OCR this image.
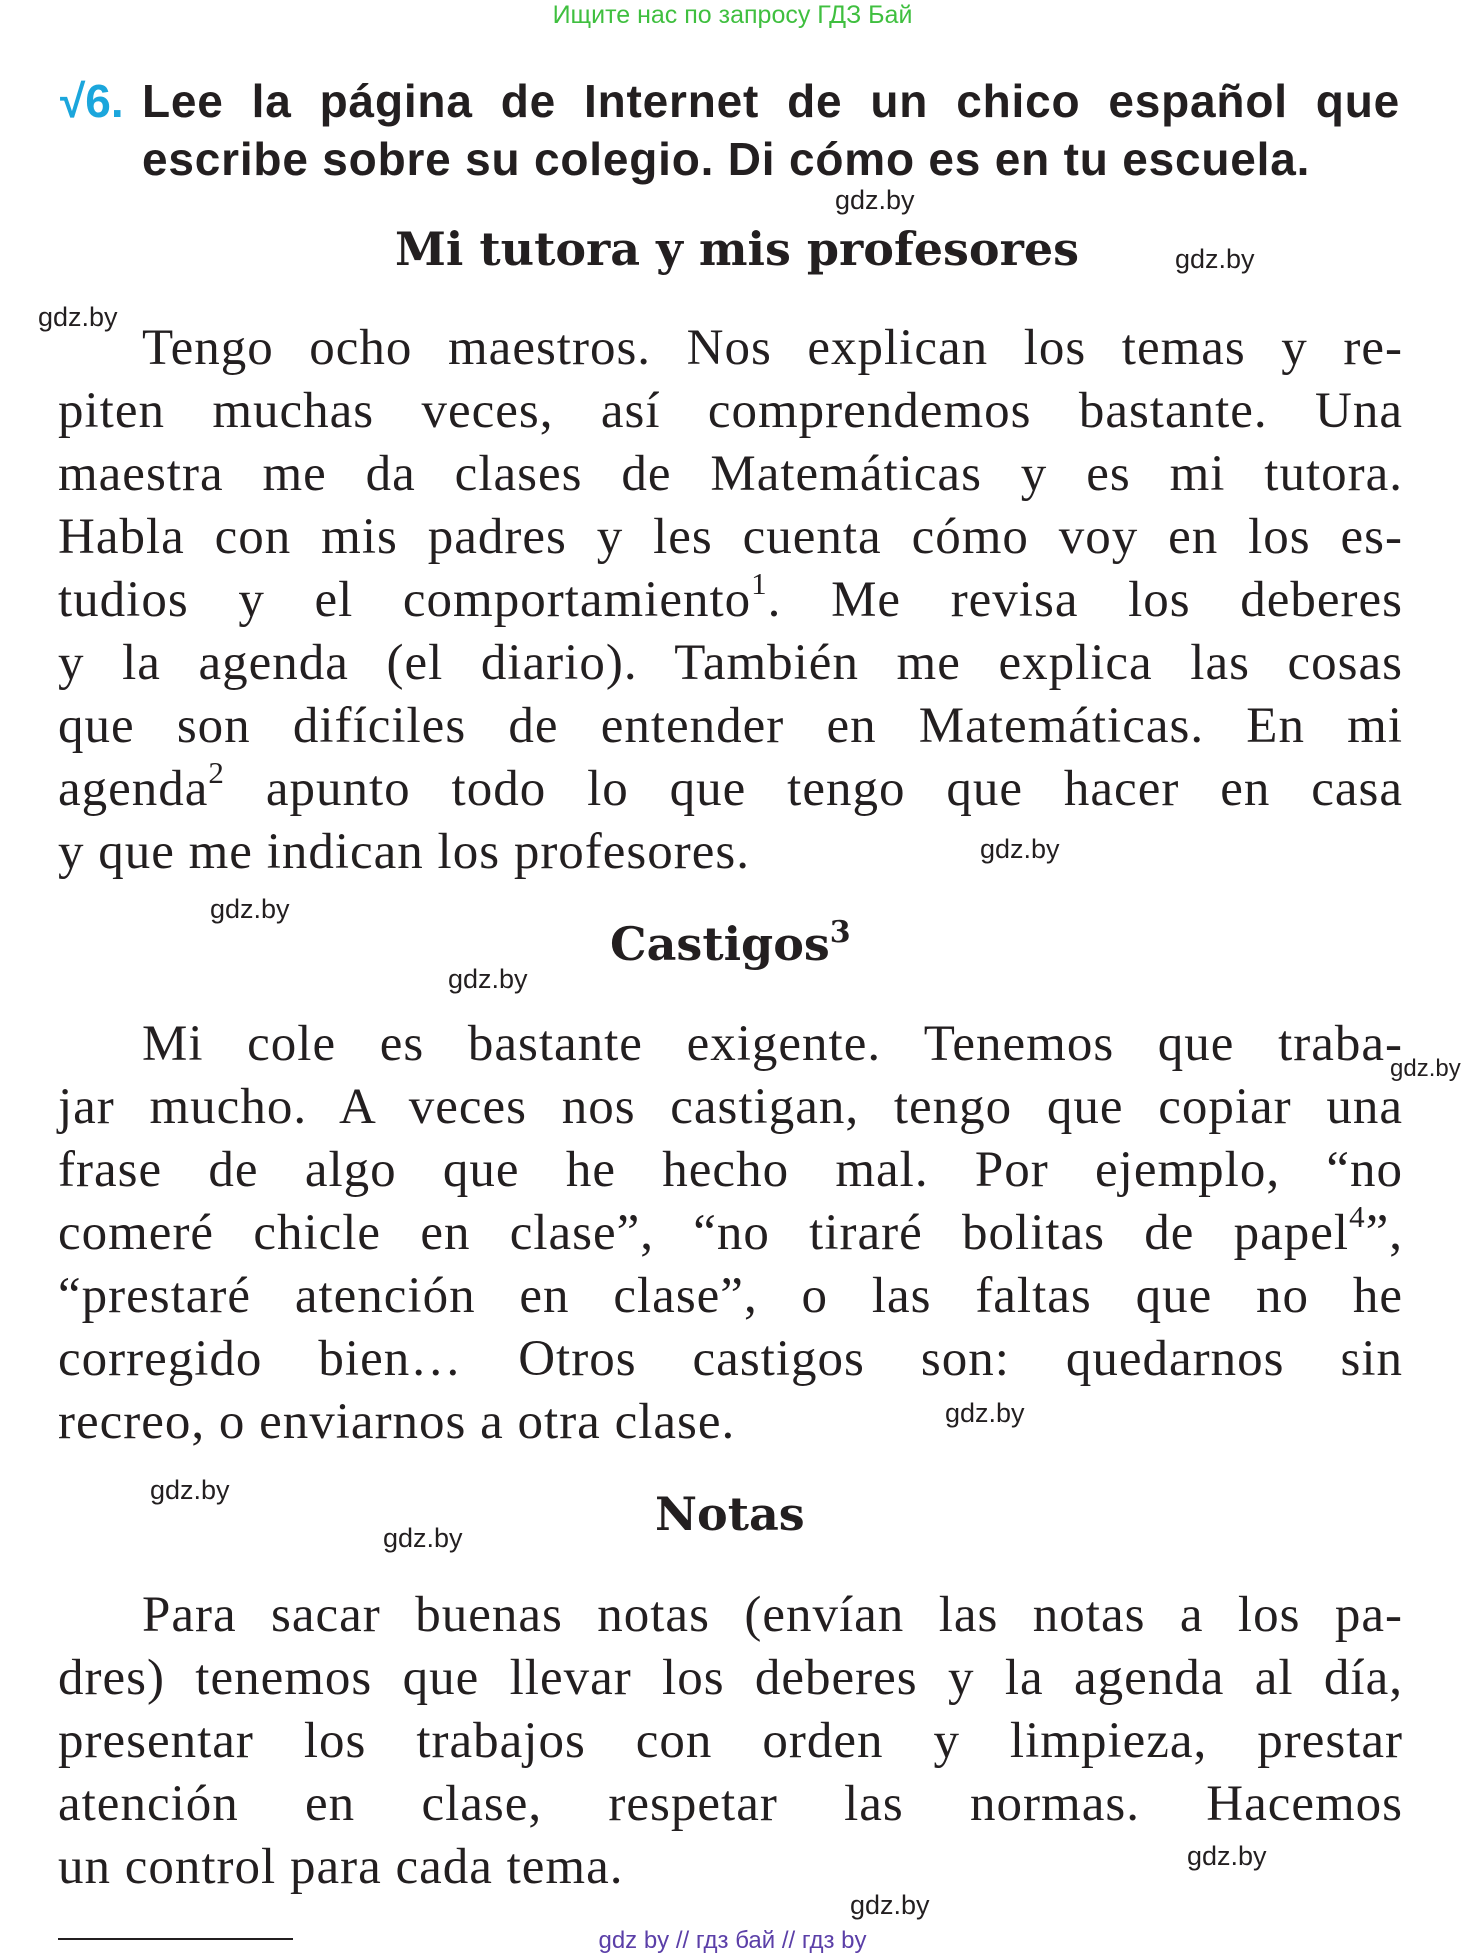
Ищите нас по запросу ГДЗ Бай
√6. Lee la página de Internet de un chico español que escribe sobre su colegio. Di cómo es en tu escuela.
gdz.by
Mi tutora y mis profesores	gdz.by
gdz.by
Tengo ocho maestros. Nos explican los temas y re-
piten muchas veces, así comprendemos bastante. Una
maestra me da clases de Matemáticas y es mi tutora.
Habla con mis padres y les cuenta cómo voy en los es-
tudios y el comportamiento$^1$. Me revisa los deberes
y la agenda (el diario). También me explica las cosas
que son difíciles de entender en Matemáticas. En mi
agenda$^2$ apunto todo lo que tengo que hacer en casa
y que me indican los profesores.	gdz.by
gdz.by
Castigos$^3$
gdz.by
Mi cole es bastante exigente. Tenemos que traba-
jar mucho. A veces nos castigan, tengo que copiar una
frase de algo que he hecho mal. Por ejemplo, “no
comeré chicle en clase”, “no tiraré bolitas de papel$^4$”,
“prestaré atención en clase”, o las faltas que no he
corregido bien… Otros castigos son: quedarnos sin
recreo, o enviarnos a otra clase.
gdz.by
gdz.by
gdz.by	Notas
gdz.by
Para sacar buenas notas (envían las notas a los pa-
dres) tenemos que llevar los deberes y la agenda al día,
presentar los trabajos con orden y limpieza, prestar
atención en clase, respetar las normas. Hacemos
un control para cada tema.	gdz.by
gdz.by
gdz by // гдз бай // гдз by
